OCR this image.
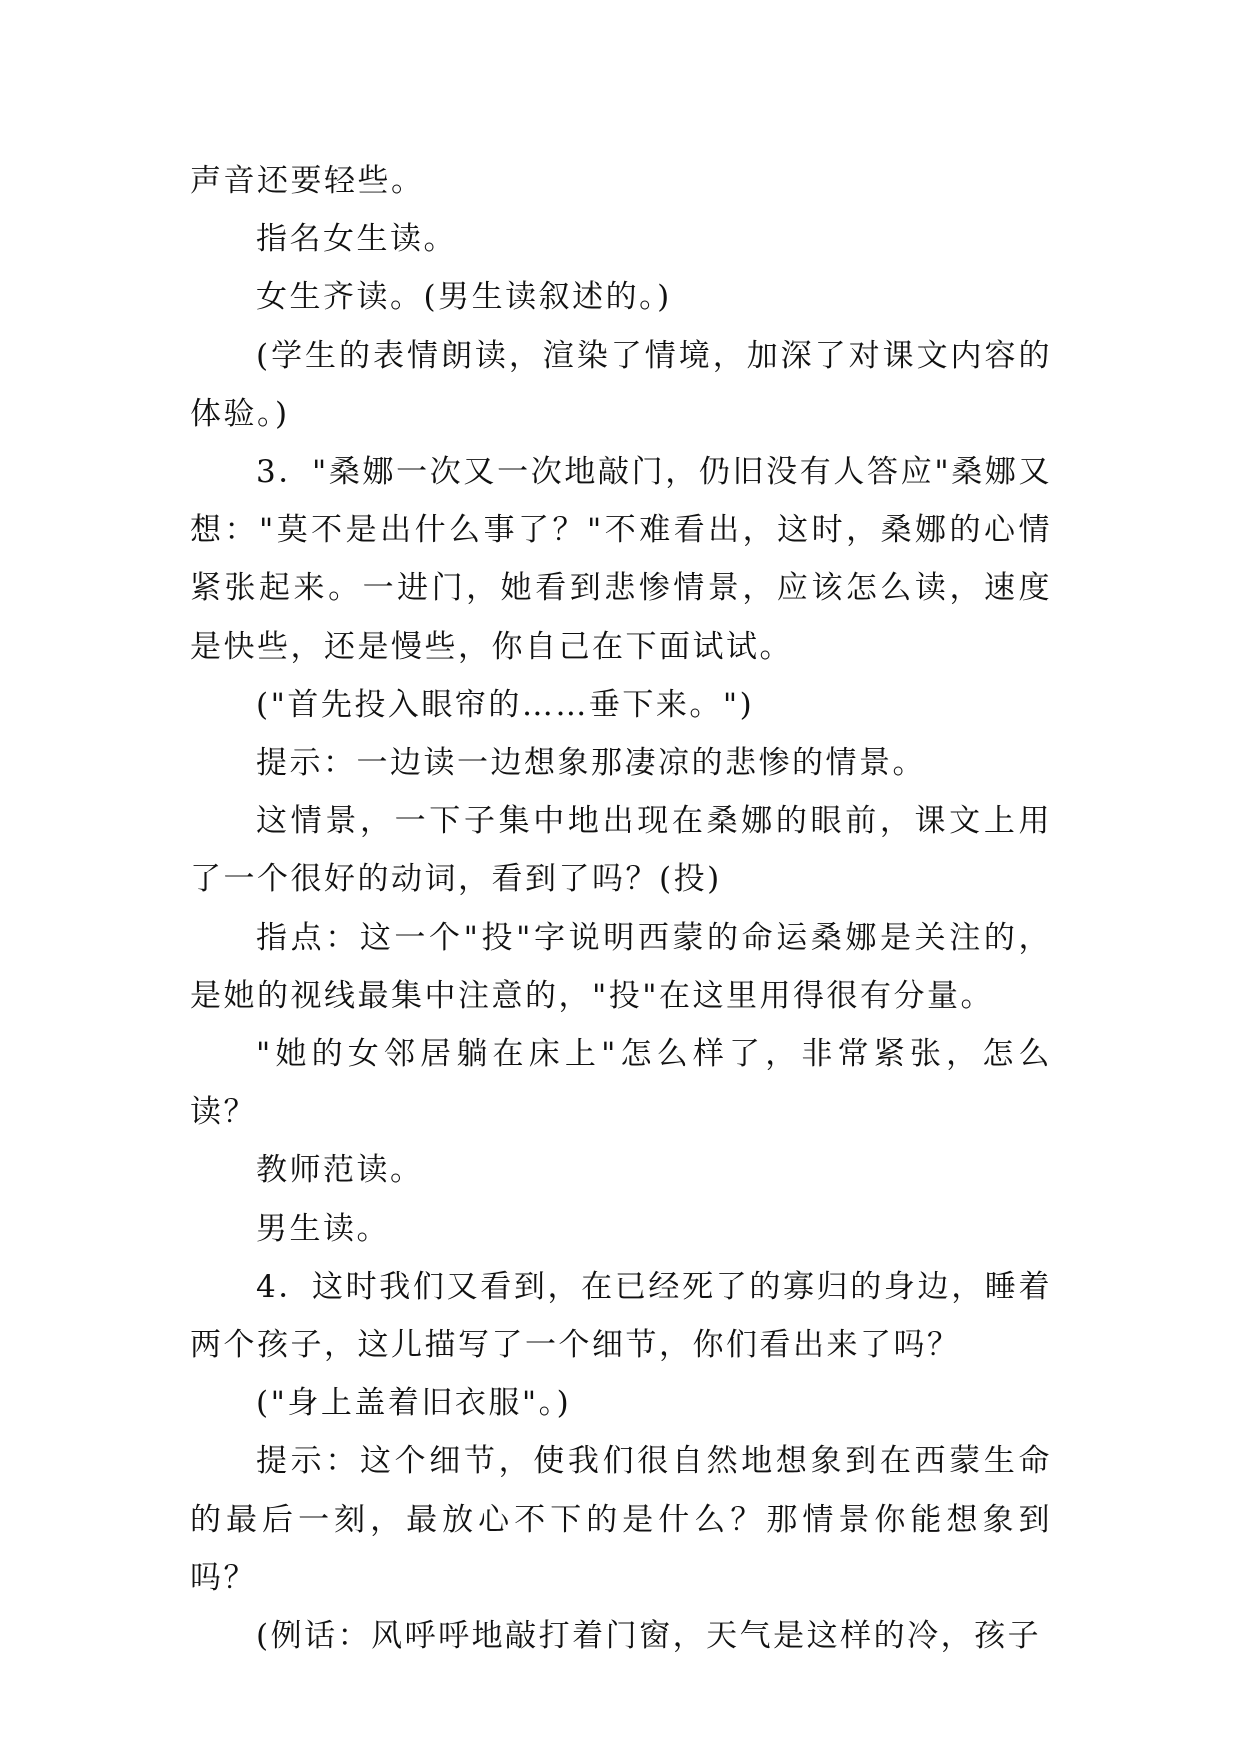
声音还要轻些。

指名女生读。

女生齐读。(男生读叙述的。)

(学生的表情朗读，渲染了情境，加深了对课文内容的体验。)

3．"桑娜一次又一次地敲门，仍旧没有人答应"桑娜又想："莫不是出什么事了？"不难看出，这时，桑娜的心情紧张起来。一进门，她看到悲惨情景，应该怎么读，速度是快些，还是慢些，你自己在下面试试。

("首先投入眼帘的……垂下来。")

提示：一边读一边想象那凄凉的悲惨的情景。

这情景，一下子集中地出现在桑娜的眼前，课文上用了一个很好的动词，看到了吗？(投)

指点：这一个"投"字说明西蒙的命运桑娜是关注的，是她的视线最集中注意的，"投"在这里用得很有分量。

"她的女邻居躺在床上"怎么样了，非常紧张，怎么读？

教师范读。

男生读。

4．这时我们又看到，在已经死了的寡归的身边，睡着两个孩子，这儿描写了一个细节，你们看出来了吗？

("身上盖着旧衣服"。)

提示：这个细节，使我们很自然地想象到在西蒙生命的最后一刻，最放心不下的是什么？那情景你能想象到吗？

(例话：风呼呼地敲打着门窗，天气是这样的冷，孩子
